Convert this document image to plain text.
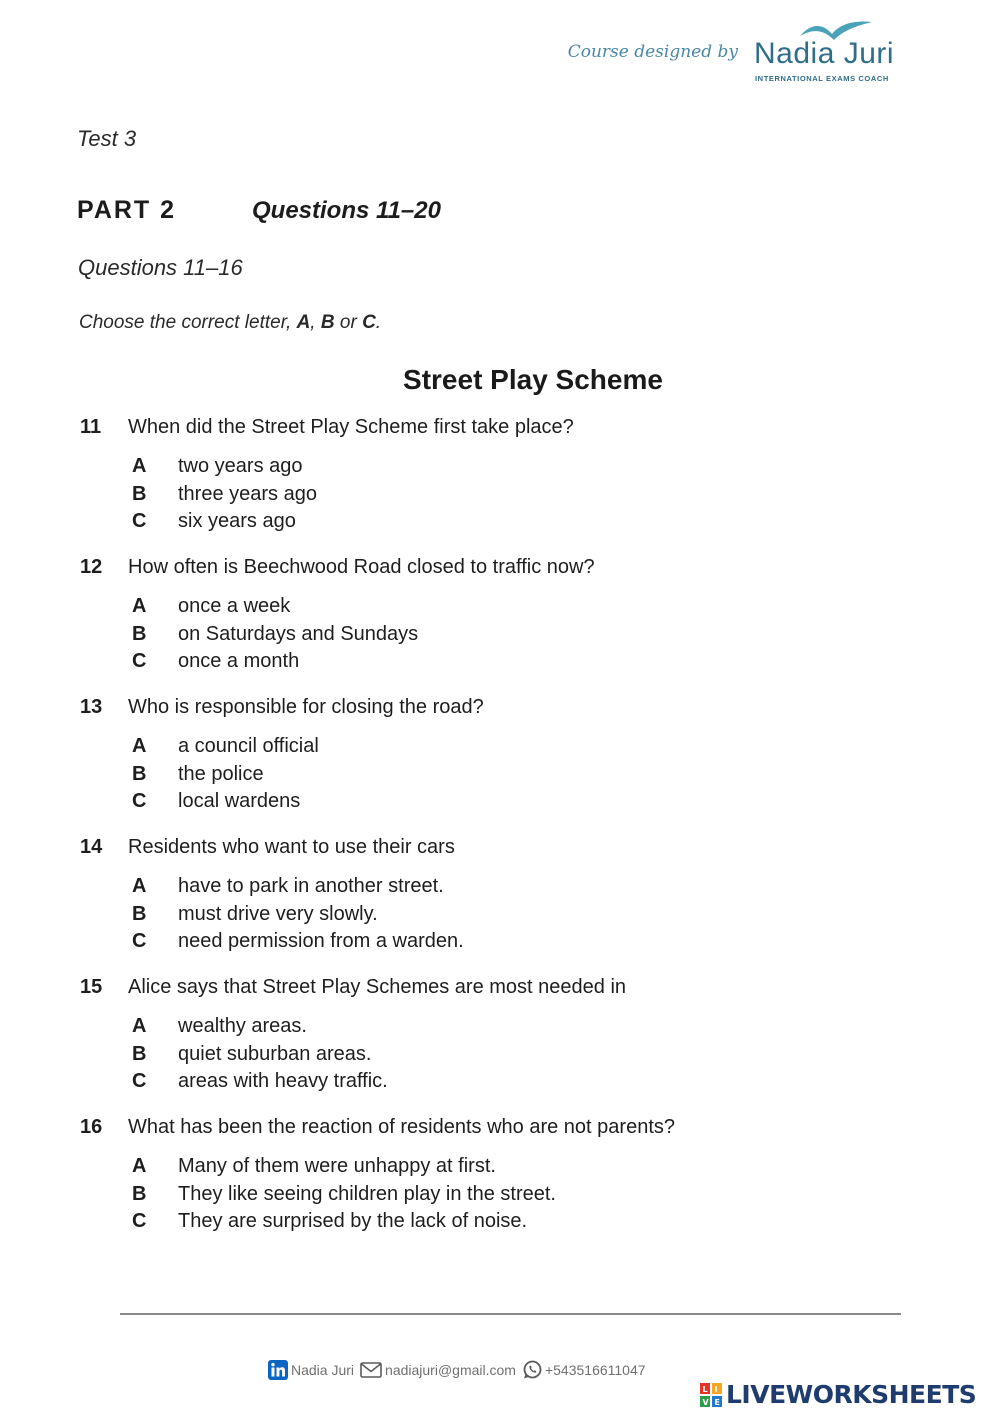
Course designed by Nadia Juri
INTERNATIONAL EXAMS COACH
Test 3
PART 2	Questions 11–20
Questions 11–16
Choose the correct letter, A, B or C.
Street Play Scheme
11	When did the Street Play Scheme first take place?
A	two years ago
B	three years ago
C	six years ago
12	How often is Beechwood Road closed to traffic now?
A	once a week
B	on Saturdays and Sundays
C	once a month
13	Who is responsible for closing the road?
A	a council official
B	the police
C	local wardens
14	Residents who want to use their cars
A	have to park in another street.
B	must drive very slowly.
C	need permission from a warden.
15	Alice says that Street Play Schemes are most needed in
A	wealthy areas.
B	quiet suburban areas.
C	areas with heavy traffic.
16	What has been the reaction of residents who are not parents?
A	Many of them were unhappy at first.
B	They like seeing children play in the street.
C	They are surprised by the lack of noise.
Nadia Juri nadiajuri@gmail.com +543516611047
L I
V E LIVEWORKSHEETS
